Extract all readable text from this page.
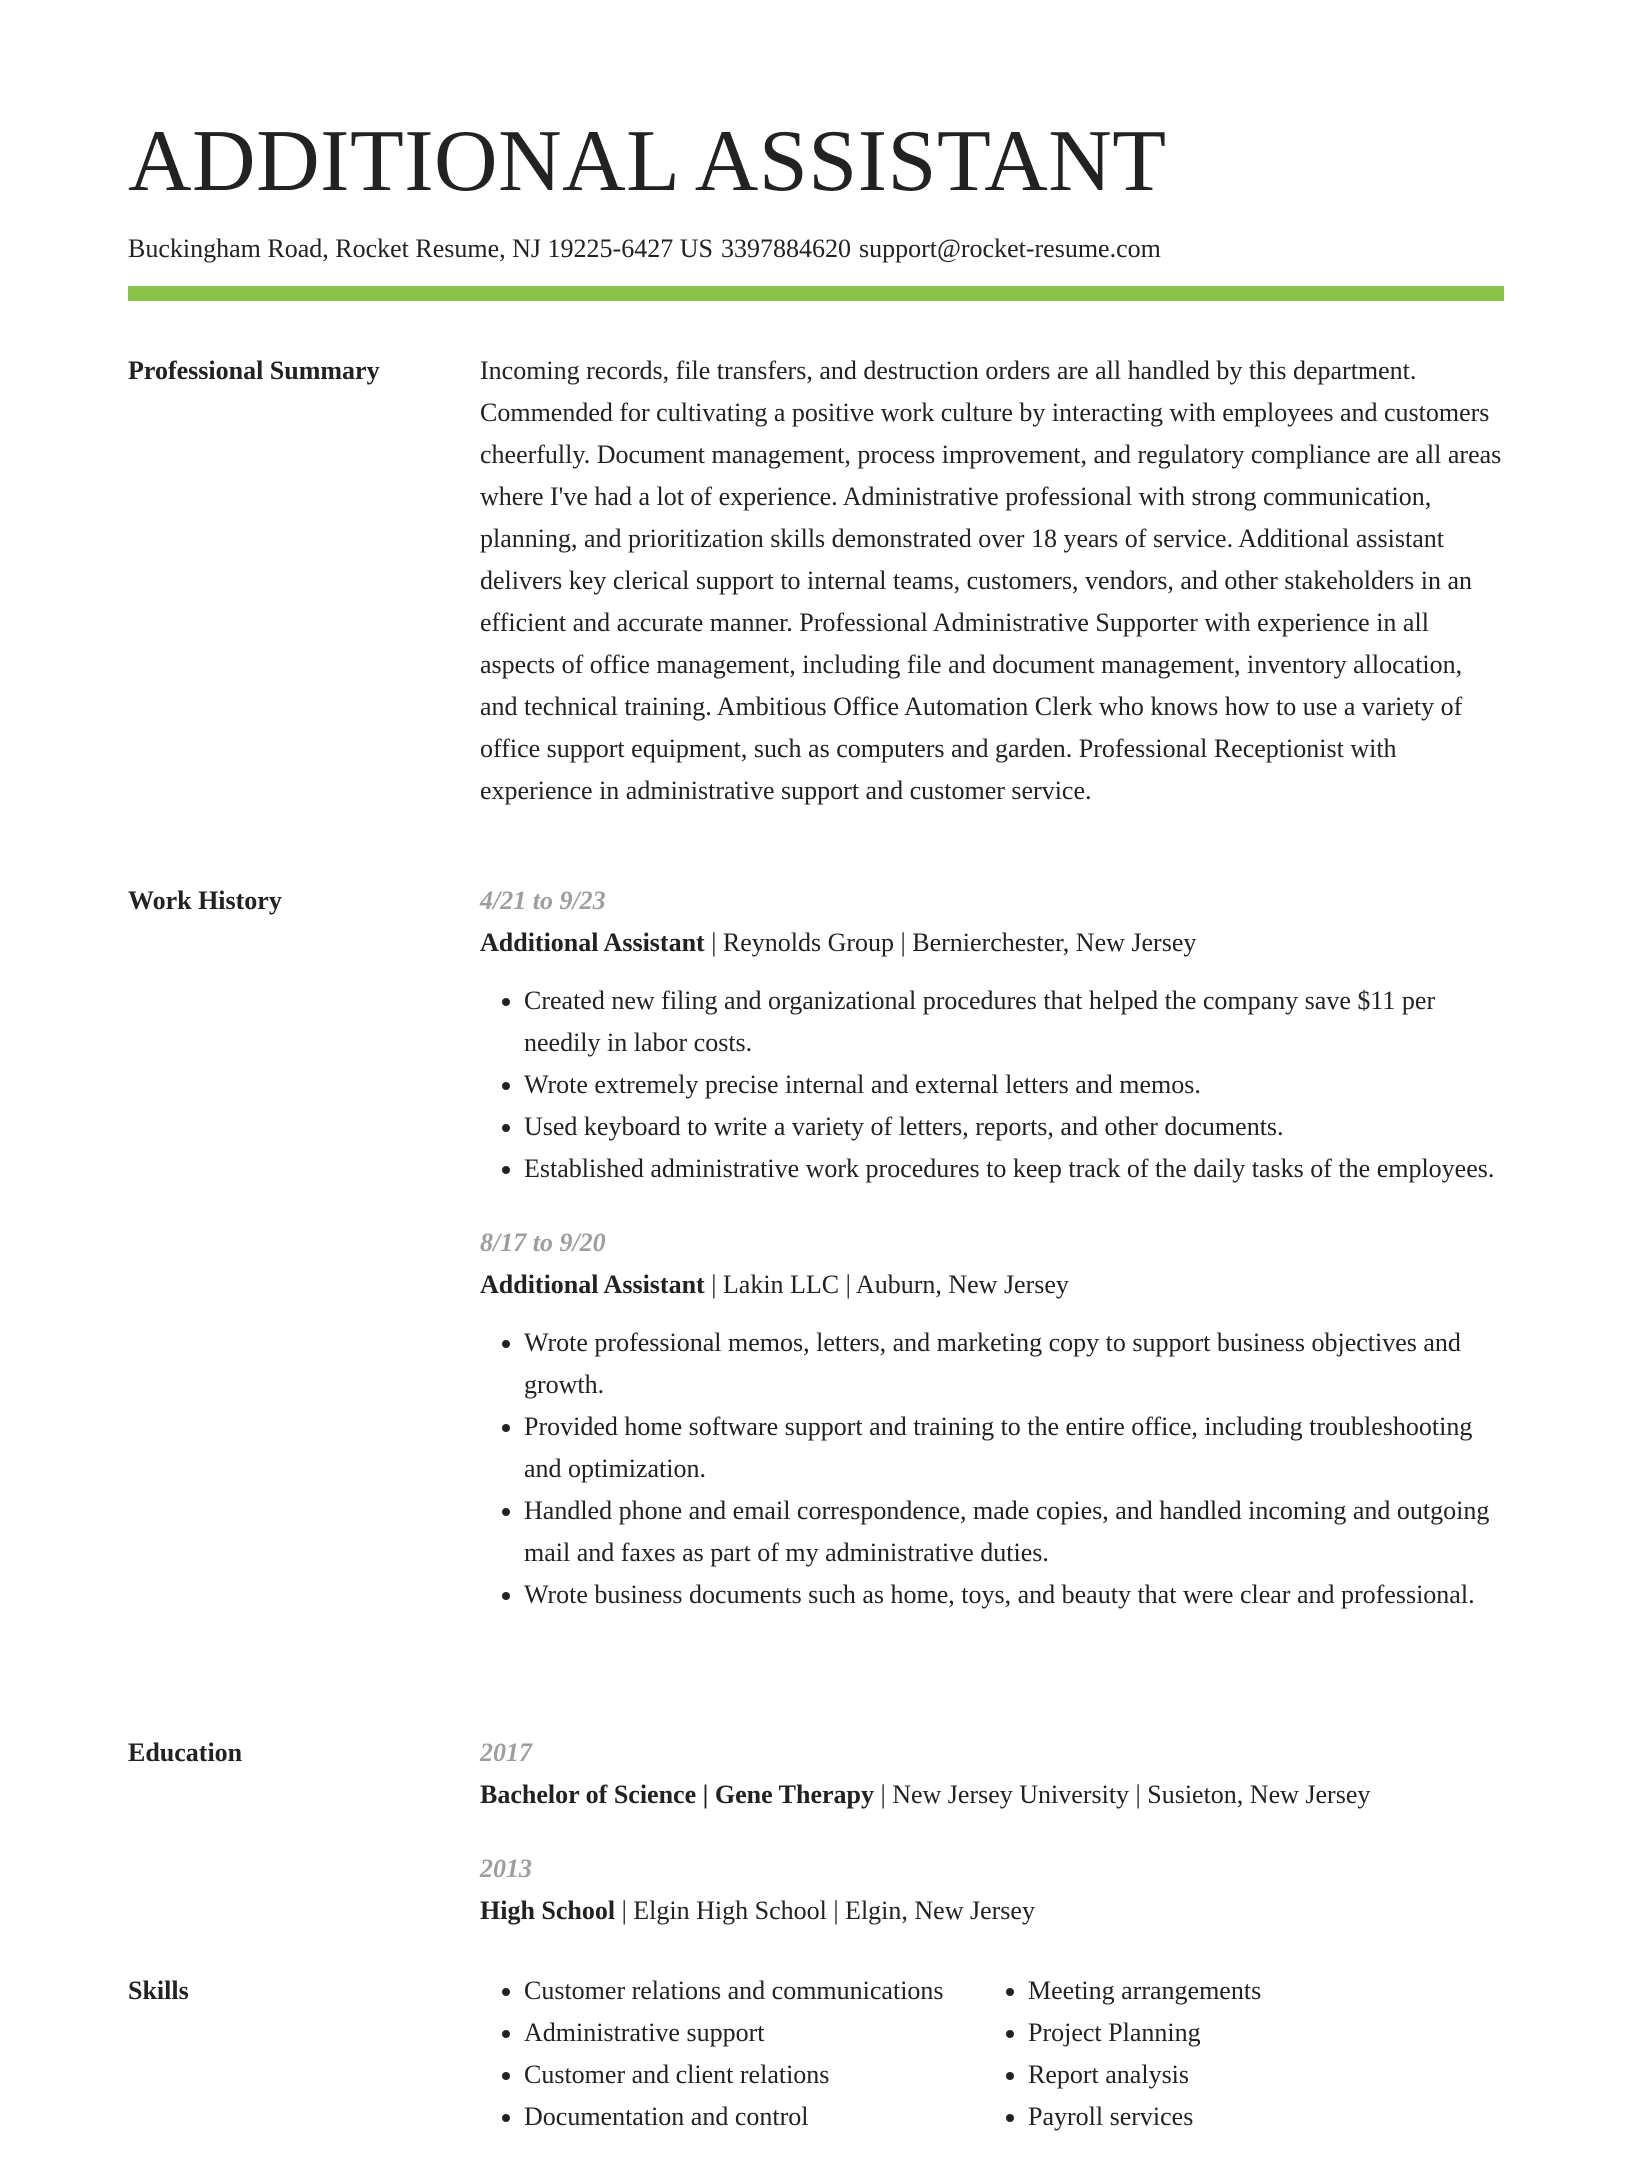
ADDITIONAL ASSISTANT
Buckingham Road, Rocket Resume, NJ 19225-6427 US 3397884620 support@rocket-resume.com
Professional Summary	Incoming records, file transfers, and destruction orders are all handled by this department. Commended for cultivating a positive work culture by interacting with employees and customers cheerfully. Document management, process improvement, and regulatory compliance are all areas where I've had a lot of experience. Administrative professional with strong communication, planning, and prioritization skills demonstrated over 18 years of service. Additional assistant delivers key clerical support to internal teams, customers, vendors, and other stakeholders in an efficient and accurate manner. Professional Administrative Supporter with experience in all aspects of office management, including file and document management, inventory allocation, and technical training. Ambitious Office Automation Clerk who knows how to use a variety of office support equipment, such as computers and garden. Professional Receptionist with experience in administrative support and customer service.

Work History	4/21 to 9/23
Additional Assistant | Reynolds Group | Bernierchester, New Jersey
• Created new filing and organizational procedures that helped the company save $11 per needily in labor costs.
• Wrote extremely precise internal and external letters and memos.
• Used keyboard to write a variety of letters, reports, and other documents.
• Established administrative work procedures to keep track of the daily tasks of the employees.
8/17 to 9/20
Additional Assistant | Lakin LLC | Auburn, New Jersey
• Wrote professional memos, letters, and marketing copy to support business objectives and growth.
• Provided home software support and training to the entire office, including troubleshooting and optimization.
• Handled phone and email correspondence, made copies, and handled incoming and outgoing mail and faxes as part of my administrative duties.
• Wrote business documents such as home, toys, and beauty that were clear and professional.
Education	2017
Bachelor of Science | Gene Therapy | New Jersey University | Susieton, New Jersey
2013
High School | Elgin High School | Elgin, New Jersey
Skills
•	Customer relations and communications
• Administrative support
• Customer and client relations
• Documentation and control
• Meeting arrangements
• Project Planning
• Report analysis
• Payroll services
